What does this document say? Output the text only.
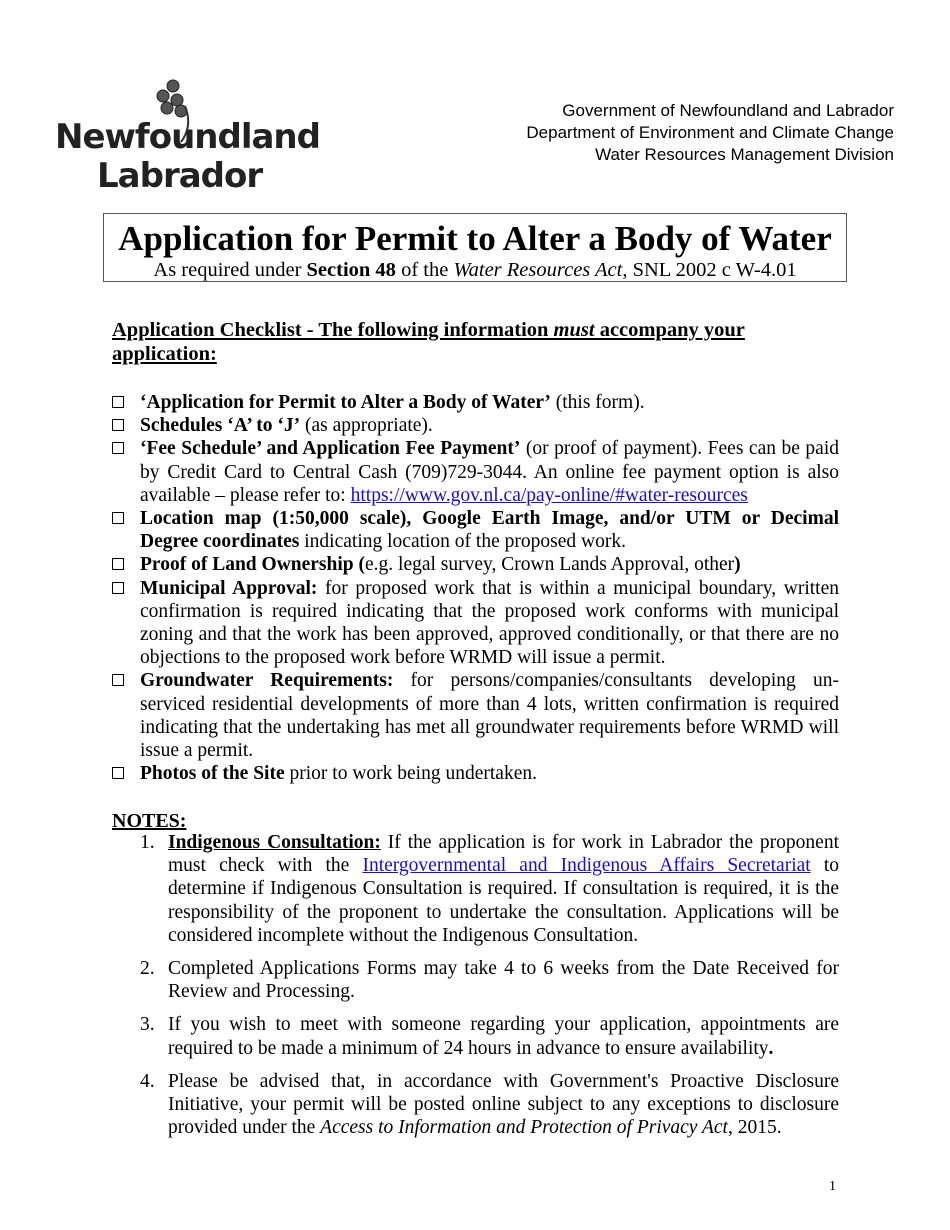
Newfoundland
Labrador
Government of Newfoundland and Labrador
Department of Environment and Climate Change
Water Resources Management Division
Application for Permit to Alter a Body of Water
As required under Section 48 of the Water Resources Act, SNL 2002 c W-4.01
Application Checklist - The following information must accompany your application:
‘Application for Permit to Alter a Body of Water’ (this form).
Schedules ‘A’ to ‘J’ (as appropriate).
‘Fee Schedule’ and Application Fee Payment’ (or proof of payment). Fees can be paid by Credit Card to Central Cash (709)729-3044. An online fee payment option is also available – please refer to: https://www.gov.nl.ca/pay-online/#water-resources
Location map (1:50,000 scale), Google Earth Image, and/or UTM or Decimal Degree coordinates indicating location of the proposed work.
Proof of Land Ownership (e.g. legal survey, Crown Lands Approval, other)
Municipal Approval: for proposed work that is within a municipal boundary, written confirmation is required indicating that the proposed work conforms with municipal zoning and that the work has been approved, approved conditionally, or that there are no objections to the proposed work before WRMD will issue a permit.
Groundwater Requirements: for persons/companies/consultants developing un-serviced residential developments of more than 4 lots, written confirmation is required indicating that the undertaking has met all groundwater requirements before WRMD will issue a permit.
Photos of the Site prior to work being undertaken.
NOTES:
1. Indigenous Consultation: If the application is for work in Labrador the proponent must check with the Intergovernmental and Indigenous Affairs Secretariat to determine if Indigenous Consultation is required. If consultation is required, it is the responsibility of the proponent to undertake the consultation. Applications will be considered incomplete without the Indigenous Consultation.
2. Completed Applications Forms may take 4 to 6 weeks from the Date Received for Review and Processing.
3. If you wish to meet with someone regarding your application, appointments are required to be made a minimum of 24 hours in advance to ensure availability.
4. Please be advised that, in accordance with Government's Proactive Disclosure Initiative, your permit will be posted online subject to any exceptions to disclosure provided under the Access to Information and Protection of Privacy Act, 2015.
1
